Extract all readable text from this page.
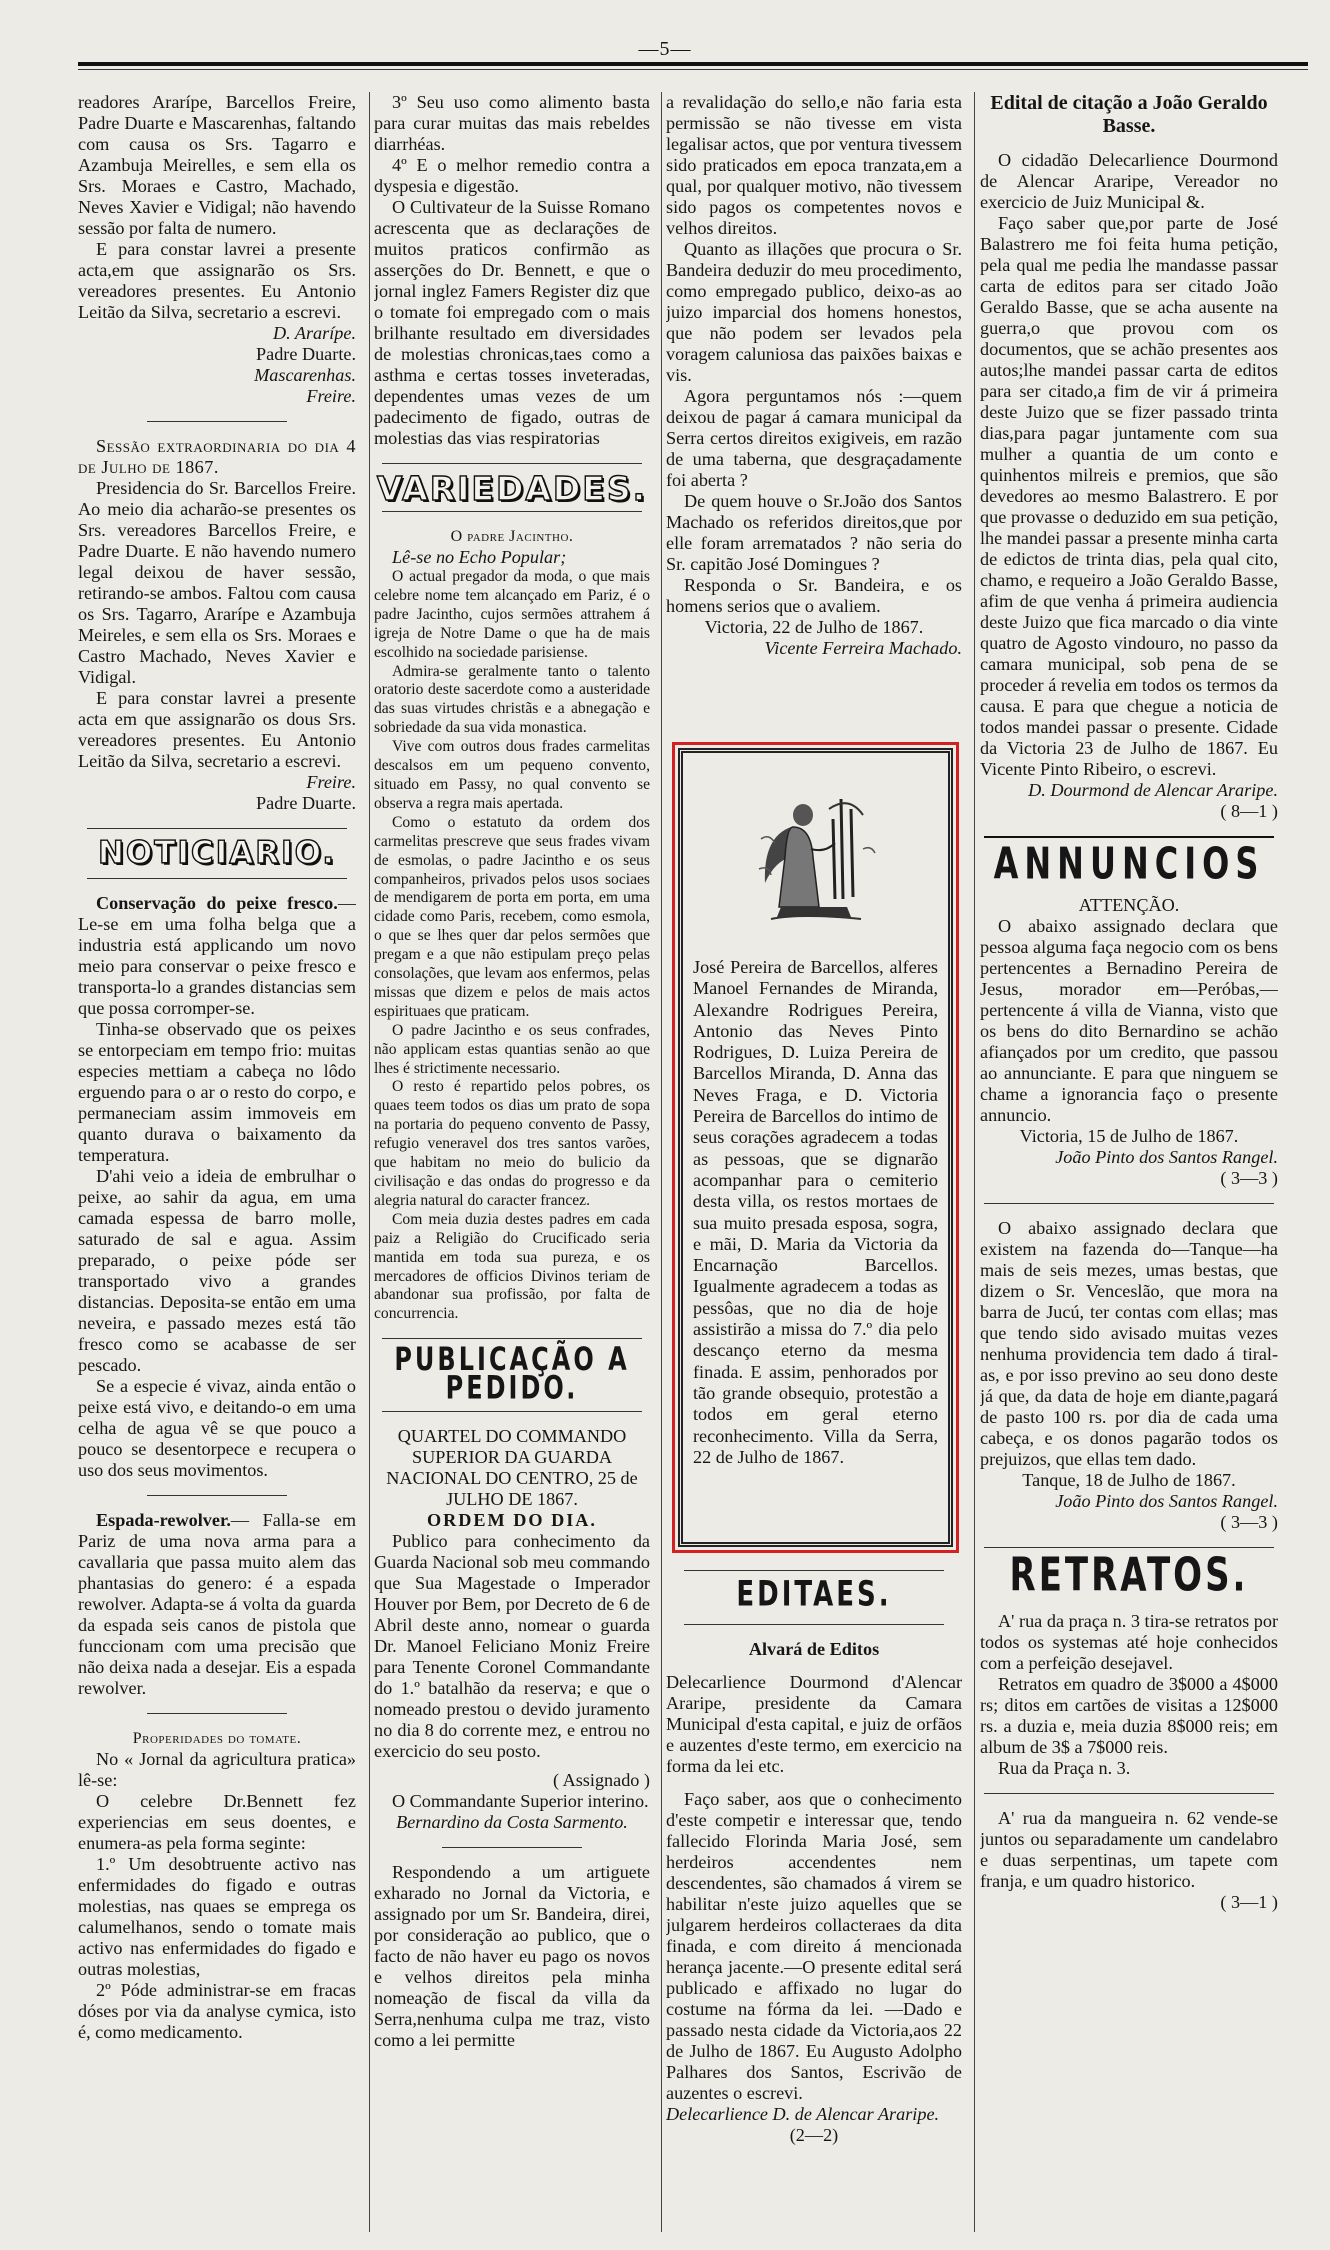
—5—

readores Ararípe, Barcellos Freire, Padre Duarte e Mascarenhas, faltando com causa os Srs. Tagarro e Azambuja Meirelles, e sem ella os Srs. Moraes e Castro, Machado, Neves Xavier e Vidigal; não havendo sessão por falta de numero.

E para constar lavrei a presente acta,em que assignarão os Srs. vereadores presentes. Eu Antonio Leitão da Silva, secretario a escrevi.

D. Ararípe.

Padre Duarte.

Mascarenhas.

Freire.

Sessão extraordinaria do dia 4 de Julho de 1867.

Presidencia do Sr. Barcellos Freire. Ao meio dia acharão-se presentes os Srs. vereadores Barcellos Freire, e Padre Duarte. E não havendo numero legal deixou de haver sessão, retirando-se ambos. Faltou com causa os Srs. Tagarro, Ararípe e Azambuja Meireles, e sem ella os Srs. Moraes e Castro Machado, Neves Xavier e Vidigal.

E para constar lavrei a presente acta em que assignarão os dous Srs. vereadores presentes. Eu Antonio Leitão da Silva, secretario a escrevi.

Freire.

Padre Duarte.

NOTICIARIO.

Conservação do peixe fresco.—Le-se em uma folha belga que a industria está applicando um novo meio para conservar o peixe fresco e transporta-lo a grandes distancias sem que possa corromper-se.

Tinha-se observado que os peixes se entorpeciam em tempo frio: muitas especies mettiam a cabeça no lôdo erguendo para o ar o resto do corpo, e permaneciam assim immoveis em quanto durava o baixamento da temperatura.

D'ahi veio a ideia de embrulhar o peixe, ao sahir da agua, em uma camada espessa de barro molle, saturado de sal e agua. Assim preparado, o peixe póde ser transportado vivo a grandes distancias. Deposita-se então em uma neveira, e passado mezes está tão fresco como se acabasse de ser pescado.

Se a especie é vivaz, ainda então o peixe está vivo, e deitando-o em uma celha de agua vê se que pouco a pouco se desentorpece e recupera o uso dos seus movimentos.

Espada-rewolver.— Falla-se em Pariz de uma nova arma para a cavallaria que passa muito alem das phantasias do genero: é a espada rewolver. Adapta-se á volta da guarda da espada seis canos de pistola que funccionam com uma precisão que não deixa nada a desejar. Eis a espada rewolver.

Properidades do tomate.

No « Jornal da agricultura pratica» lê-se:

O celebre Dr.Bennett fez experiencias em seus doentes, e enumera-as pela forma seginte:

1.º Um desobtruente activo nas enfermidades do figado e outras molestias, nas quaes se emprega os calumelhanos, sendo o tomate mais activo nas enfermidades do figado e outras molestias,

2º Póde administrar-se em fracas dóses por via da analyse cymica, isto é, como medicamento.

3º Seu uso como alimento basta para curar muitas das mais rebeldes diarrhéas.

4º E o melhor remedio contra a dyspesia e digestão.

O Cultivateur de la Suisse Romano acrescenta que as declarações de muitos praticos confirmão as asserções do Dr. Bennett, e que o jornal inglez Famers Register diz que o tomate foi empregado com o mais brilhante resultado em diversidades de molestias chronicas,taes como a asthma e certas tosses inveteradas, dependentes umas vezes de um padecimento de figado, outras de molestias das vias respiratorias

VARIEDADES.

O padre Jacintho.

Lê-se no Echo Popular;

O actual pregador da moda, o que mais celebre nome tem alcançado em Pariz, é o padre Jacintho, cujos sermões attrahem á igreja de Notre Dame o que ha de mais escolhido na sociedade parisiense.

Admira-se geralmente tanto o talento oratorio deste sacerdote como a austeridade das suas virtudes christãs e a abnegação e sobriedade da sua vida monastica.

Vive com outros dous frades carmelitas descalsos em um pequeno convento, situado em Passy, no qual convento se observa a regra mais apertada.

Como o estatuto da ordem dos carmelitas prescreve que seus frades vivam de esmolas, o padre Jacintho e os seus companheiros, privados pelos usos sociaes de mendigarem de porta em porta, em uma cidade como Paris, recebem, como esmola, o que se lhes quer dar pelos sermões que pregam e a que não estipulam preço pelas consolações, que levam aos enfermos, pelas missas que dizem e pelos de mais actos espirituaes que praticam.

O padre Jacintho e os seus confrades, não applicam estas quantias senão ao que lhes é strictimente necessario.

O resto é repartido pelos pobres, os quaes teem todos os dias um prato de sopa na portaria do pequeno convento de Passy, refugio veneravel dos tres santos varões, que habitam no meio do bulicio da civilisação e das ondas do progresso e da alegria natural do caracter francez.

Com meia duzia destes padres em cada paiz a Religião do Crucificado seria mantida em toda sua pureza, e os mercadores de officios Divinos teriam de abandonar sua profissão, por falta de concurrencia.

PUBLICAÇÃO A PEDIDO.

QUARTEL DO COMMANDO SUPERIOR DA GUARDA NACIONAL DO CENTRO, 25 de JULHO DE 1867.

ORDEM DO DIA.

Publico para conhecimento da Guarda Nacional sob meu commando que Sua Magestade o Imperador Houver por Bem, por Decreto de 6 de Abril deste anno, nomear o guarda Dr. Manoel Feliciano Moniz Freire para Tenente Coronel Commandante do 1.º batalhão da reserva; e que o nomeado prestou o devido juramento no dia 8 do corrente mez, e entrou no exercicio do seu posto.

( Assignado )

O Commandante Superior interino.

Bernardino da Costa Sarmento.

Respondendo a um artiguete exharado no Jornal da Victoria, e assignado por um Sr. Bandeira, direi, por consideração ao publico, que o facto de não haver eu pago os novos e velhos direitos pela minha nomeação de fiscal da villa da Serra,nenhuma culpa me traz, visto como a lei permitte

a revalidação do sello,e não faria esta permissão se não tivesse em vista legalisar actos, que por ventura tivessem sido praticados em epoca tranzata,em a qual, por qualquer motivo, não tivessem sido pagos os competentes novos e velhos direitos.

Quanto as illações que procura o Sr. Bandeira deduzir do meu procedimento, como empregado publico, deixo-as ao juizo imparcial dos homens honestos, que não podem ser levados pela voragem caluniosa das paixões baixas e vis.

Agora perguntamos nós :—quem deixou de pagar á camara municipal da Serra certos direitos exigiveis, em razão de uma taberna, que desgraçadamente foi aberta ?

De quem houve o Sr.João dos Santos Machado os referidos direitos,que por elle foram arrematados ? não seria do Sr. capitão José Domingues ?

Responda o Sr. Bandeira, e os homens serios que o avaliem.

Victoria, 22 de Julho de 1867.

Vicente Ferreira Machado.

José Pereira de Barcellos, alferes Manoel Fernandes de Miranda, Alexandre Rodrigues Pereira, Antonio das Neves Pinto Rodrigues, D. Luiza Pereira de Barcellos Miranda, D. Anna das Neves Fraga, e D. Victoria Pereira de Barcellos do intimo de seus corações agradecem a todas as pessoas, que se dignarão acompanhar para o cemiterio desta villa, os restos mortaes de sua muito presada esposa, sogra, e mãi, D. Maria da Victoria da Encarnação Barcellos. Igualmente agradecem a todas as pessôas, que no dia de hoje assistirão a missa do 7.º dia pelo descanço eterno da mesma finada. E assim, penhorados por tão grande obsequio, protestão a todos em geral eterno reconhecimento. Villa da Serra, 22 de Julho de 1867.

EDITAES.

Alvará de Editos

Delecarlience Dourmond d'Alencar Araripe, presidente da Camara Municipal d'esta capital, e juiz de orfãos e auzentes d'este termo, em exercicio na forma da lei etc.

Faço saber, aos que o conhecimento d'este competir e interessar que, tendo fallecido Florinda Maria José, sem herdeiros accendentes nem descendentes, são chamados á virem se habilitar n'este juizo aquelles que se julgarem herdeiros collacteraes da dita finada, e com direito á mencionada herança jacente.—O presente edital será publicado e affixado no lugar do costume na fórma da lei. —Dado e passado nesta cidade da Victoria,aos 22 de Julho de 1867. Eu Augusto Adolpho Palhares dos Santos, Escrivão de auzentes o escrevi.

Delecarlience D. de Alencar Araripe.

(2—2)

Edital de citação a João Geraldo Basse.

O cidadão Delecarlience Dourmond de Alencar Araripe, Vereador no exercicio de Juiz Municipal &.

Faço saber que,por parte de José Balastrero me foi feita huma petição, pela qual me pedia lhe mandasse passar carta de editos para ser citado João Geraldo Basse, que se acha ausente na guerra,o que provou com os documentos, que se achão presentes aos autos;lhe mandei passar carta de editos para ser citado,a fim de vir á primeira deste Juizo que se fizer passado trinta dias,para pagar juntamente com sua mulher a quantia de um conto e quinhentos milreis e premios, que são devedores ao mesmo Balastrero. E por que provasse o deduzido em sua petição, lhe mandei passar a presente minha carta de edictos de trinta dias, pela qual cito, chamo, e requeiro a João Geraldo Basse, afim de que venha á primeira audiencia deste Juizo que fica marcado o dia vinte quatro de Agosto vindouro, no passo da camara municipal, sob pena de se proceder á revelia em todos os termos da causa. E para que chegue a noticia de todos mandei passar o presente. Cidade da Victoria 23 de Julho de 1867. Eu Vicente Pinto Ribeiro, o escrevi.

D. Dourmond de Alencar Araripe.

( 8—1 )

ANNUNCIOS

ATTENÇÃO.

O abaixo assignado declara que pessoa alguma faça negocio com os bens pertencentes a Bernadino Pereira de Jesus, morador em—Peróbas,—pertencente á villa de Vianna, visto que os bens do dito Bernardino se achão afiançados por um credito, que passou ao annunciante. E para que ninguem se chame a ignorancia faço o presente annuncio.

Victoria, 15 de Julho de 1867.

João Pinto dos Santos Rangel.

( 3—3 )

O abaixo assignado declara que existem na fazenda do—Tanque—ha mais de seis mezes, umas bestas, que dizem o Sr. Venceslão, que mora na barra de Jucú, ter contas com ellas; mas que tendo sido avisado muitas vezes nenhuma providencia tem dado á tiral-as, e por isso previno ao seu dono deste já que, da data de hoje em diante,pagará de pasto 100 rs. por dia de cada uma cabeça, e os donos pagarão todos os prejuizos, que ellas tem dado.

Tanque, 18 de Julho de 1867.

João Pinto dos Santos Rangel.

( 3—3 )

RETRATOS.

A' rua da praça n. 3 tira-se retratos por todos os systemas até hoje conhecidos com a perfeição desejavel.

Retratos em quadro de 3$000 a 4$000 rs; ditos em cartões de visitas a 12$000 rs. a duzia e, meia duzia 8$000 reis; em album de 3$ a 7$000 reis.

Rua da Praça n. 3.

A' rua da mangueira n. 62 vende-se juntos ou separadamente um candelabro e duas serpentinas, um tapete com franja, e um quadro historico.

( 3—1 )
